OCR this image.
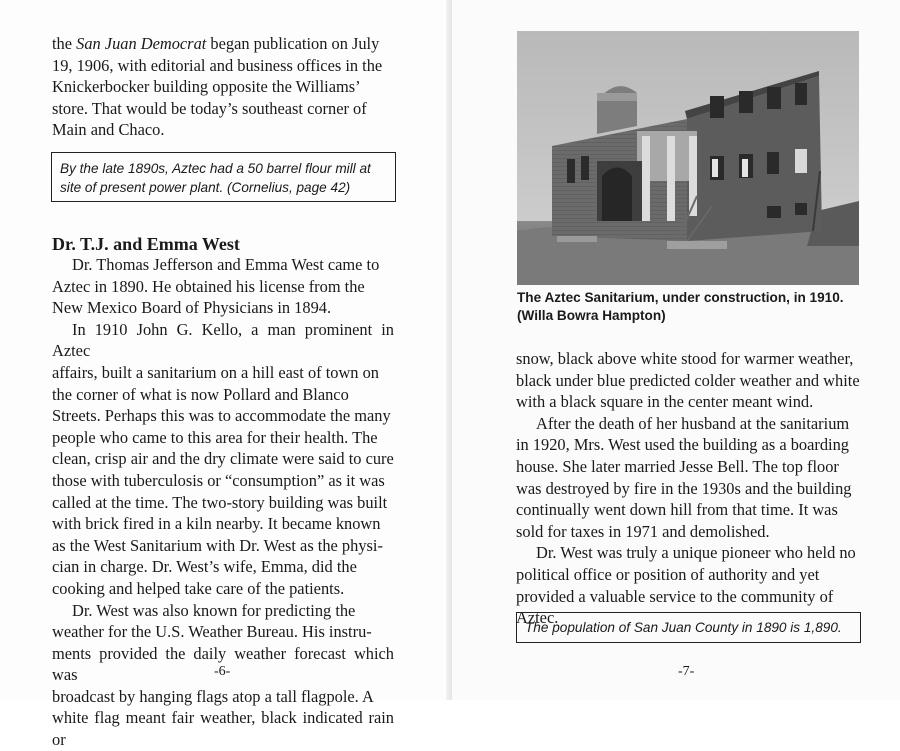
the San Juan Democrat began publication on July

19, 1906, with editorial and business offices in the

Knickerbocker building opposite the Williams’

store. That would be today’s southeast corner of

Main and Chaco.

By the late 1890s, Aztec had a 50 barrel flour mill at
site of present power plant. (Cornelius, page 42)
Dr. T.J. and Emma West

Dr. Thomas Jefferson and Emma West came to

Aztec in 1890. He obtained his license from the

New Mexico Board of Physicians in 1894.

In 1910 John G. Kello, a man prominent in Aztec

affairs, built a sanitarium on a hill east of town on

the corner of what is now Pollard and Blanco

Streets. Perhaps this was to accommodate the many

people who came to this area for their health. The

clean, crisp air and the dry climate were said to cure

those with tuberculosis or “consumption” as it was

called at the time. The two-story building was built

with brick fired in a kiln nearby. It became known

as the West Sanitarium with Dr. West as the physi-

cian in charge. Dr. West’s wife, Emma, did the

cooking and helped take care of the patients.

Dr. West was also known for predicting the

weather for the U.S. Weather Bureau. His instru-

ments provided the daily weather forecast which was

broadcast by hanging flags atop a tall flagpole. A

white flag meant fair weather, black indicated rain or

-6-
The Aztec Sanitarium, under construction, in 1910.
(Willa Bowra Hampton)

snow, black above white stood for warmer weather,

black under blue predicted colder weather and white

with a black square in the center meant wind.

After the death of her husband at the sanitarium

in 1920, Mrs. West used the building as a boarding

house. She later married Jesse Bell. The top floor

was destroyed by fire in the 1930s and the building

continually went down hill from that time. It was

sold for taxes in 1971 and demolished.

Dr. West was truly a unique pioneer who held no

political office or position of authority and yet

provided a valuable service to the community of

Aztec.

The population of San Juan County in 1890 is 1,890.
-7-
